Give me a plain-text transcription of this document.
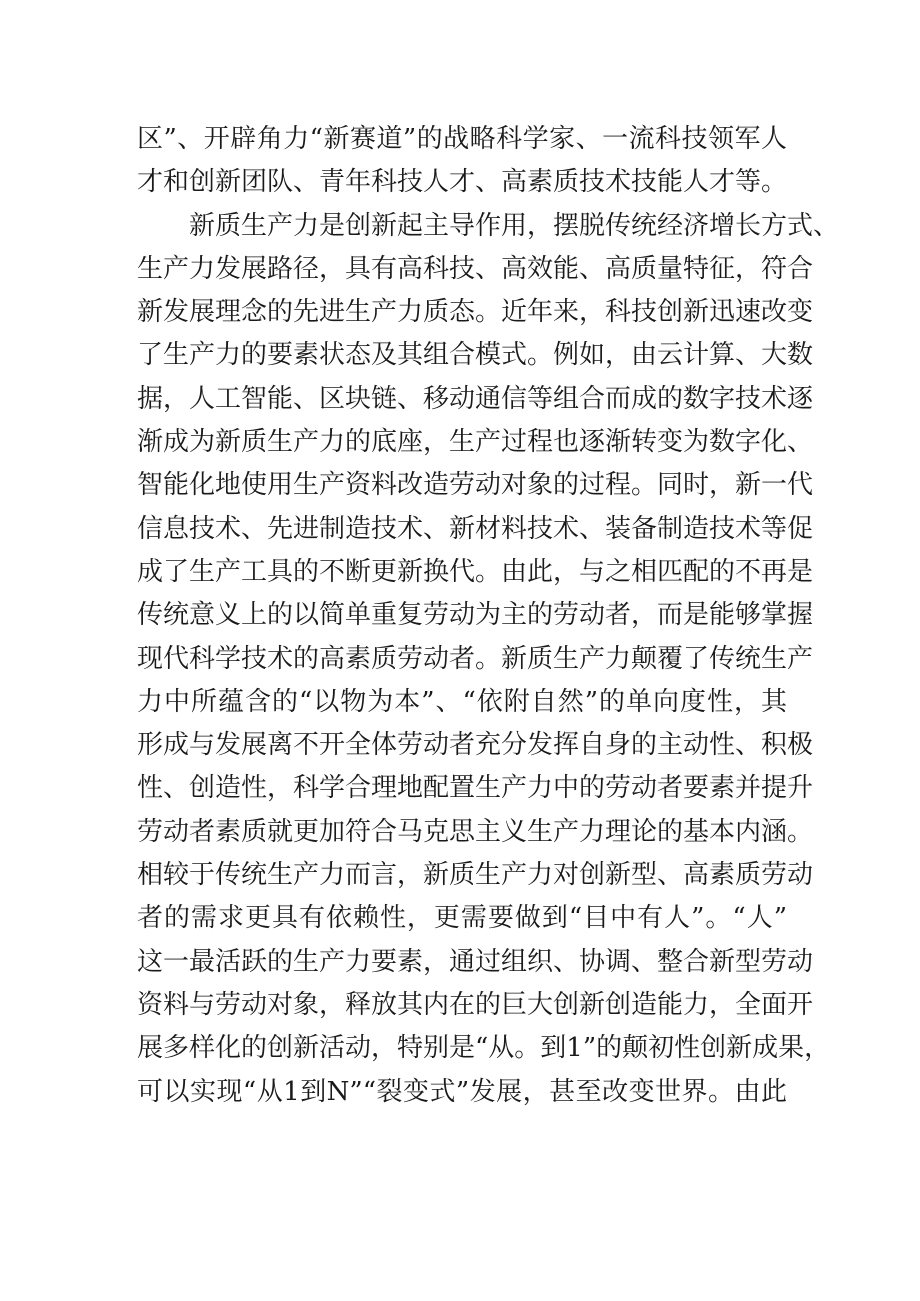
区”、开辟角力“新赛道”的战略科学家、一流科技领军人
才和创新团队、青年科技人才、高素质技术技能人才等。
新质生产力是创新起主导作用，摆脱传统经济增长方式、
生产力发展路径，具有高科技、高效能、高质量特征，符合
新发展理念的先进生产力质态。近年来，科技创新迅速改变
了生产力的要素状态及其组合模式。例如，由云计算、大数
据，人工智能、区块链、移动通信等组合而成的数字技术逐
渐成为新质生产力的底座，生产过程也逐渐转变为数字化、
智能化地使用生产资料改造劳动对象的过程。同时，新一代
信息技术、先进制造技术、新材料技术、装备制造技术等促
成了生产工具的不断更新换代。由此，与之相匹配的不再是
传统意义上的以简单重复劳动为主的劳动者，而是能够掌握
现代科学技术的高素质劳动者。新质生产力颠覆了传统生产
力中所蕴含的“以物为本”、“依附自然”的单向度性，其
形成与发展离不开全体劳动者充分发挥自身的主动性、积极
性、创造性，科学合理地配置生产力中的劳动者要素并提升
劳动者素质就更加符合马克思主义生产力理论的基本内涵。
相较于传统生产力而言，新质生产力对创新型、高素质劳动
者的需求更具有依赖性，更需要做到“目中有人”。“人”
这一最活跃的生产力要素，通过组织、协调、整合新型劳动
资料与劳动对象，释放其内在的巨大创新创造能力，全面开
展多样化的创新活动，特别是“从。到1”的颠初性创新成果，
可以实现“从1到N”“裂变式”发展，甚至改变世界。由此
